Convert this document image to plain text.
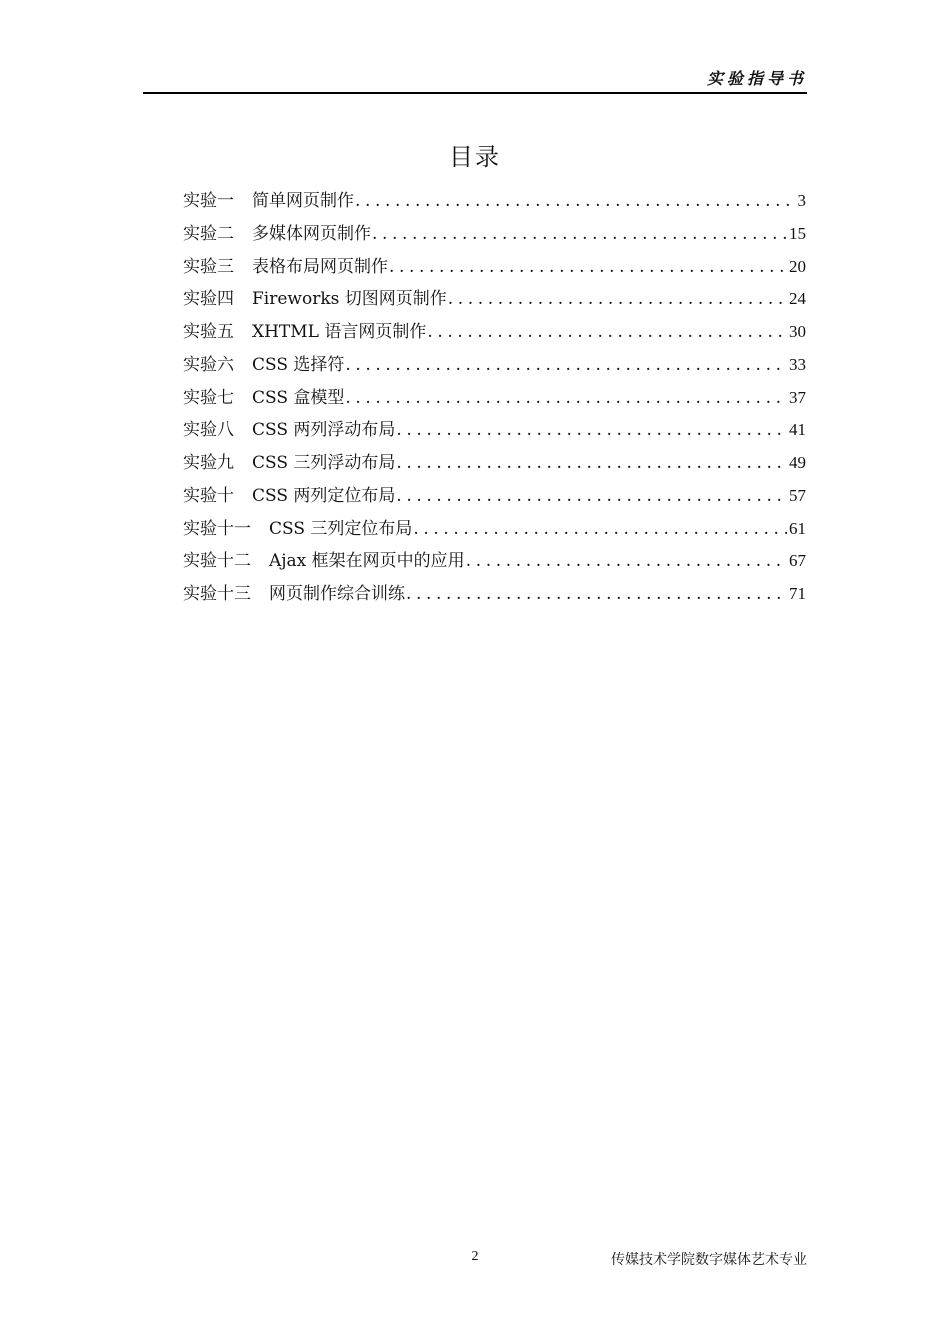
实验指导书
目录
实验一 简单网页制作 .....	3
实验二 多媒体网页制作 .....	15
实验三 表格布局网页制作 .....	20
实验四 Fireworks 切图网页制作 .....	24
实验五 XHTML 语言网页制作 .....	30
实验六 CSS 选择符 .....	33
实验七 CSS 盒模型 .....	37
实验八 CSS 两列浮动布局 .....	41
实验九 CSS 三列浮动布局 .....	49
实验十 CSS 两列定位布局 .....	57
实验十一 CSS 三列定位布局 .....	61
实验十二 Ajax 框架在网页中的应用 .....	67
实验十三 网页制作综合训练 .....	71
2	传媒技术学院数字媒体艺术专业
